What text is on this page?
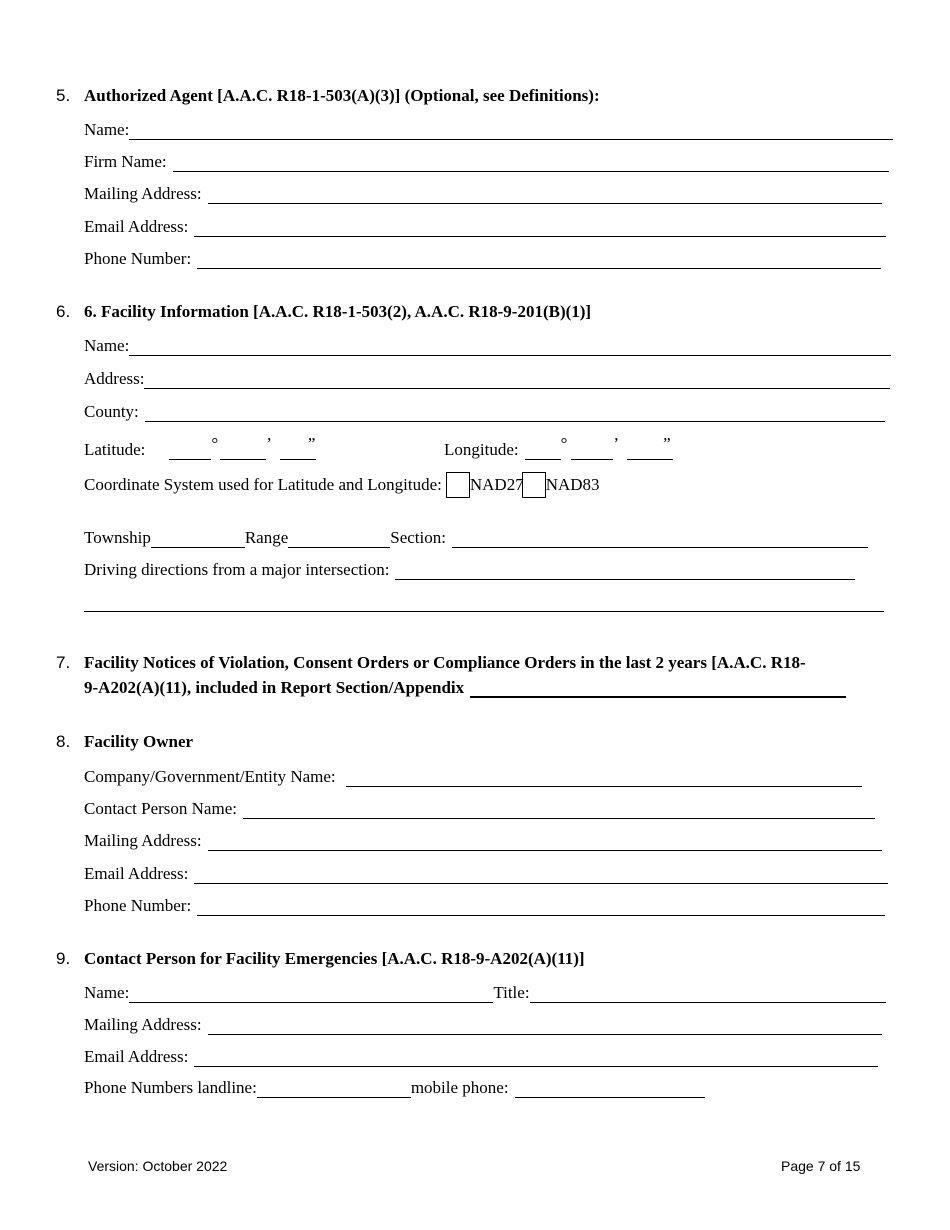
5. Authorized Agent [A.A.C. R18-1-503(A)(3)] (Optional, see Definitions):
Name:
Firm Name:
Mailing Address:
Email Address:
Phone Number:
6. 6. Facility Information [A.A.C. R18-1-503(2), A.A.C. R18-9-201(B)(1)]
Name:
Address:
County:
Latitude:	°	’ ”	Longitude: °	’	”
Coordinate System used for Latitude and Longitude: NAD27 NAD83
Township	Range	Section:
Driving directions from a major intersection:
7. Facility Notices of Violation, Consent Orders or Compliance Orders in the last 2 years [A.A.C. R18-
9-A202(A)(11), included in Report Section/Appendix
8. Facility Owner
Company/Government/Entity Name:
Contact Person Name:
Mailing Address:
Email Address:
Phone Number:
9. Contact Person for Facility Emergencies [A.A.C. R18-9-A202(A)(11)]
Name:	Title:
Mailing Address:
Email Address:
Phone Numbers landline:	mobile phone:
Version: October 2022	Page 7 of 15
